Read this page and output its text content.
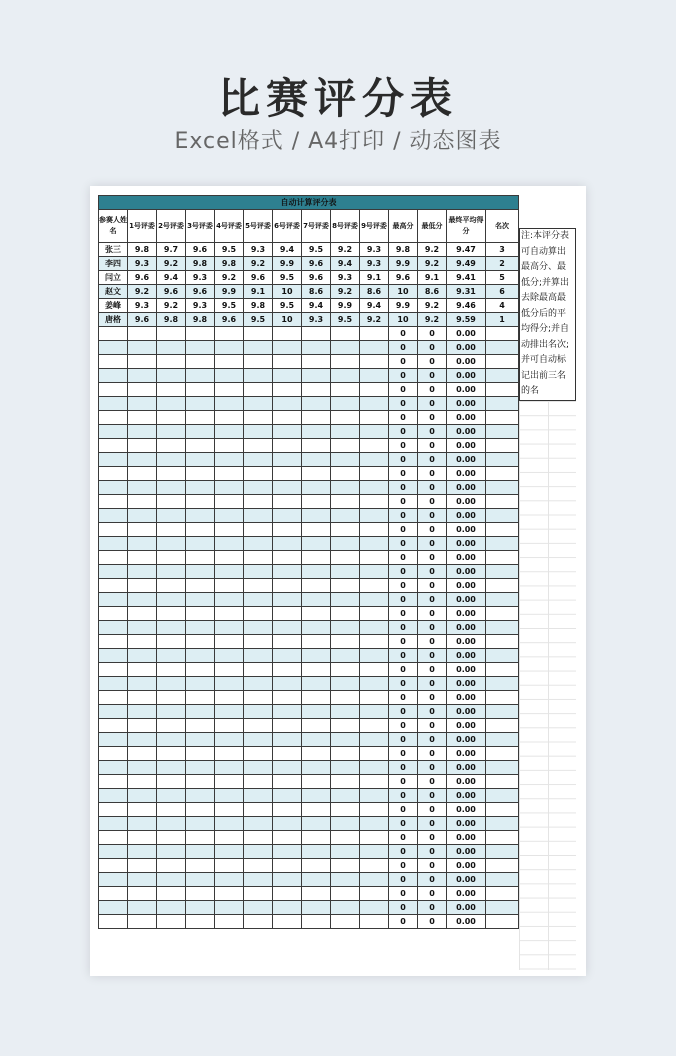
比赛评分表
Excel格式 / A4打印 / 动态图表
自动计算评分表													
参赛人姓名	1号评委	2号评委	3号评委	4号评委	5号评委	6号评委	7号评委	8号评委	9号评委	最高分	最低分	最终平均得分	名次
张三	9.8	9.7	9.6	9.5	9.3	9.4	9.5	9.2	9.3	9.8	9.2	9.47	3
李四	9.3	9.2	9.8	9.8	9.2	9.9	9.6	9.4	9.3	9.9	9.2	9.49	2
闫立	9.6	9.4	9.3	9.2	9.6	9.5	9.6	9.3	9.1	9.6	9.1	9.41	5
赵文	9.2	9.6	9.6	9.9	9.1	10	8.6	9.2	8.6	10	8.6	9.31	6
姜峰	9.3	9.2	9.3	9.5	9.8	9.5	9.4	9.9	9.4	9.9	9.2	9.46	4
唐格	9.6	9.8	9.8	9.6	9.5	10	9.3	9.5	9.2	10	9.2	9.59	1
										0	0	0.00	
										0	0	0.00	
										0	0	0.00	
										0	0	0.00	
										0	0	0.00	
										0	0	0.00	
										0	0	0.00	
										0	0	0.00	
										0	0	0.00	
										0	0	0.00	
										0	0	0.00	
										0	0	0.00	
										0	0	0.00	
										0	0	0.00	
										0	0	0.00	
										0	0	0.00	
										0	0	0.00	
										0	0	0.00	
										0	0	0.00	
										0	0	0.00	
										0	0	0.00	
										0	0	0.00	
										0	0	0.00	
										0	0	0.00	
										0	0	0.00	
										0	0	0.00	
										0	0	0.00	
										0	0	0.00	
										0	0	0.00	
										0	0	0.00	
										0	0	0.00	
										0	0	0.00	
										0	0	0.00	
										0	0	0.00	
										0	0	0.00	
										0	0	0.00	
										0	0	0.00	
										0	0	0.00	
										0	0	0.00	
										0	0	0.00	
										0	0	0.00	
										0	0	0.00	
										0	0	0.00	
注:本评分表可自动算出最高分、最低分;并算出去除最高最低分后的平均得分;并自动排出名次;并可自动标记出前三名的名
